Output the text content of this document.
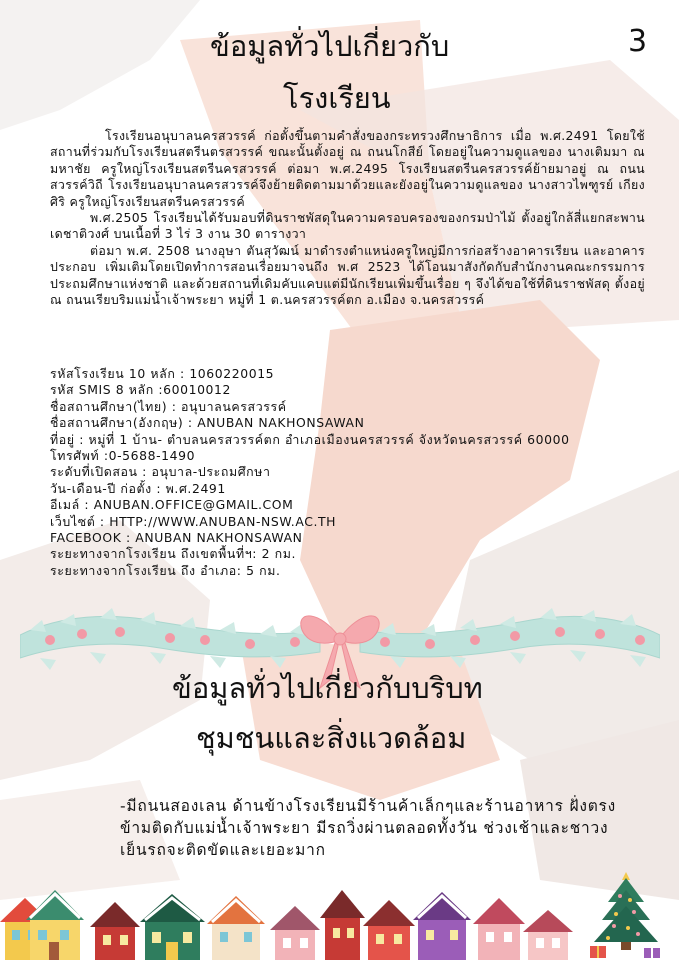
3
ข้อมูลทั่วไปเกี่ยวกับ
โรงเรียน

โรงเรียนอนุบาลนครสวรรค์ ก่อตั้งขึ้นตามคำสั่งของกระทรวงศึกษาธิการ เมื่อ พ.ศ.2491 โดยใช้สถานที่ร่วมกับโรงเรียนสตรีนตรสวรรค์ ขณะนั้นตั้งอยู่ ณ ถนนโกสีย์ โดยอยู่ในความดูแลของ นางเติมมา ณ มหาชัย ครูใหญ่โรงเรียนสตรีนครสวรรค์ ต่อมา พ.ศ.2495 โรงเรียนสตรีนครสวรรค์ย้ายมาอยู่ ณ ถนนสวรรค์วิถี โรงเรียนอนุบาลนครสวรรค์จึงย้ายติดตามมาด้วยและยังอยู่ในความดูแลของ นางสาวไพฑูรย์ เกียงศิริ ครูใหญ่โรงเรียนสตรีนครสวรรค์

พ.ศ.2505 โรงเรียนได้รับมอบที่ดินราชพัสดุในความครอบครองของกรมป่าไม้ ตั้งอยู่ใกล้สี่แยกสะพานเดชาติวงศ์ บนเนื้อที่ 3 ไร่ 3 งาน 30 ตารางวา

ต่อมา พ.ศ. 2508 นางอุษา ตันสุวัฒน์ มาดำรงตำแหน่งครูใหญ่มีการก่อสร้างอาคารเรียน และอาคารประกอบ เพิ่มเติมโดยเปิดทำการสอนเรื่อยมาจนถึง พ.ศ 2523 ได้โอนมาสังกัดกับสำนักงานคณะกรรมการประถมศึกษาแห่งชาติ และด้วยสถานที่เดิมคับแคบแต่มีนักเรียนเพิ่มขึ้นเรื่อย ๆ จึงได้ขอใช้ที่ดินราชพัสดุ ตั้งอยู่ ณ ถนนเรียบริมแม่น้ำเจ้าพระยา หมู่ที่ 1 ต.นครสวรรค์ตก อ.เมือง จ.นครสวรรค์

รหัสโรงเรียน 10 หลัก : 1060220015
รหัส SMIS 8 หลัก :60010012
ชื่อสถานศึกษา(ไทย) : อนุบาลนครสวรรค์
ชื่อสถานศึกษา(อังกฤษ) : ANUBAN NAKHONSAWAN
ที่อยู่ : หมู่ที่ 1 บ้าน- ตำบลนครสวรรค์ตก อำเภอเมืองนครสวรรค์ จังหวัดนครสวรรค์ 60000
โทรศัพท์ :0-5688-1490
ระดับที่เปิดสอน : อนุบาล-ประถมศึกษา
วัน-เดือน-ปี ก่อตั้ง : พ.ศ.2491
อีเมล์ : ANUBAN.OFFICE@GMAIL.COM
เว็บไซต์ : HTTP://WWW.ANUBAN-NSW.AC.TH
FACEBOOK : ANUBAN NAKHONSAWAN
ระยะทางจากโรงเรียน ถึงเขตพื้นที่ฯ: 2 กม.
ระยะทางจากโรงเรียน ถึง อำเภอ: 5 กม.
ข้อมูลทั่วไปเกี่ยวกับบริบท
ชุมชนและสิ่งแวดล้อม
-มีถนนสองเลน ด้านข้างโรงเรียนมีร้านค้าเล็กๆและร้านอาหาร ฝั่งตรงข้ามติดกับแม่น้ำเจ้าพระยา มีรถวิ่งผ่านตลอดทั้งวัน ช่วงเช้าและชาวงเย็นรถจะติดขัดและเยอะมาก
